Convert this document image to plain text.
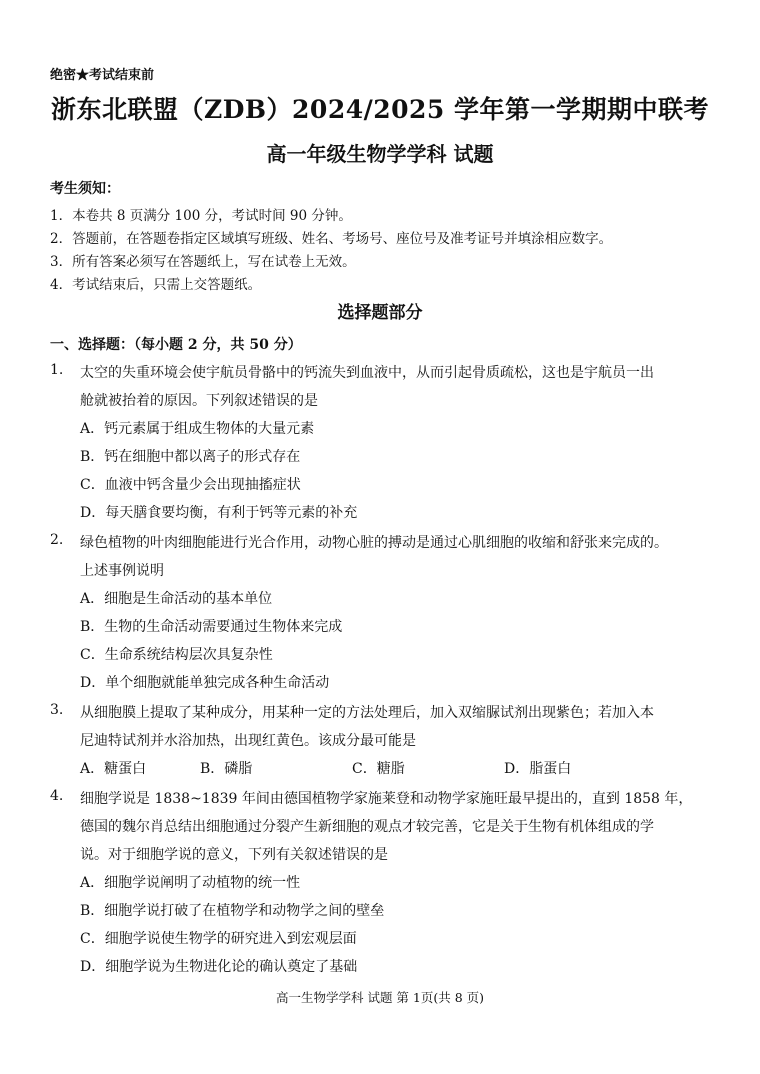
绝密★考试结束前
浙东北联盟（ZDB）2024/2025 学年第一学期期中联考
高一年级生物学学科 试题
考生须知：
1．本卷共 8 页满分 100 分，考试时间 90 分钟。
2．答题前，在答题卷指定区域填写班级、姓名、考场号、座位号及准考证号并填涂相应数字。
3．所有答案必须写在答题纸上，写在试卷上无效。
4．考试结束后，只需上交答题纸。
选择题部分
一、选择题：（每小题 2 分，共 50 分）
1. 太空的失重环境会使宇航员骨骼中的钙流失到血液中，从而引起骨质疏松，这也是宇航员一出
舱就被抬着的原因。下列叙述错误的是
A．钙元素属于组成生物体的大量元素
B．钙在细胞中都以离子的形式存在
C．血液中钙含量少会出现抽搐症状
D．每天膳食要均衡，有利于钙等元素的补充
2. 绿色植物的叶肉细胞能进行光合作用，动物心脏的搏动是通过心肌细胞的收缩和舒张来完成的。
上述事例说明
A．细胞是生命活动的基本单位
B．生物的生命活动需要通过生物体来完成
C．生命系统结构层次具复杂性
D．单个细胞就能单独完成各种生命活动
3. 从细胞膜上提取了某种成分，用某种一定的方法处理后，加入双缩脲试剂出现紫色；若加入本
尼迪特试剂并水浴加热，出现红黄色。该成分最可能是
A．糖蛋白	B．磷脂	C．糖脂	D．脂蛋白
4. 细胞学说是 1838~1839 年间由德国植物学家施莱登和动物学家施旺最早提出的，直到 1858 年，
德国的魏尔肖总结出细胞通过分裂产生新细胞的观点才较完善，它是关于生物有机体组成的学
说。对于细胞学说的意义，下列有关叙述错误的是
A．细胞学说阐明了动植物的统一性
B．细胞学说打破了在植物学和动物学之间的壁垒
C．细胞学说使生物学的研究进入到宏观层面
D．细胞学说为生物进化论的确认奠定了基础
高一生物学学科 试题 第 1页(共 8 页)
